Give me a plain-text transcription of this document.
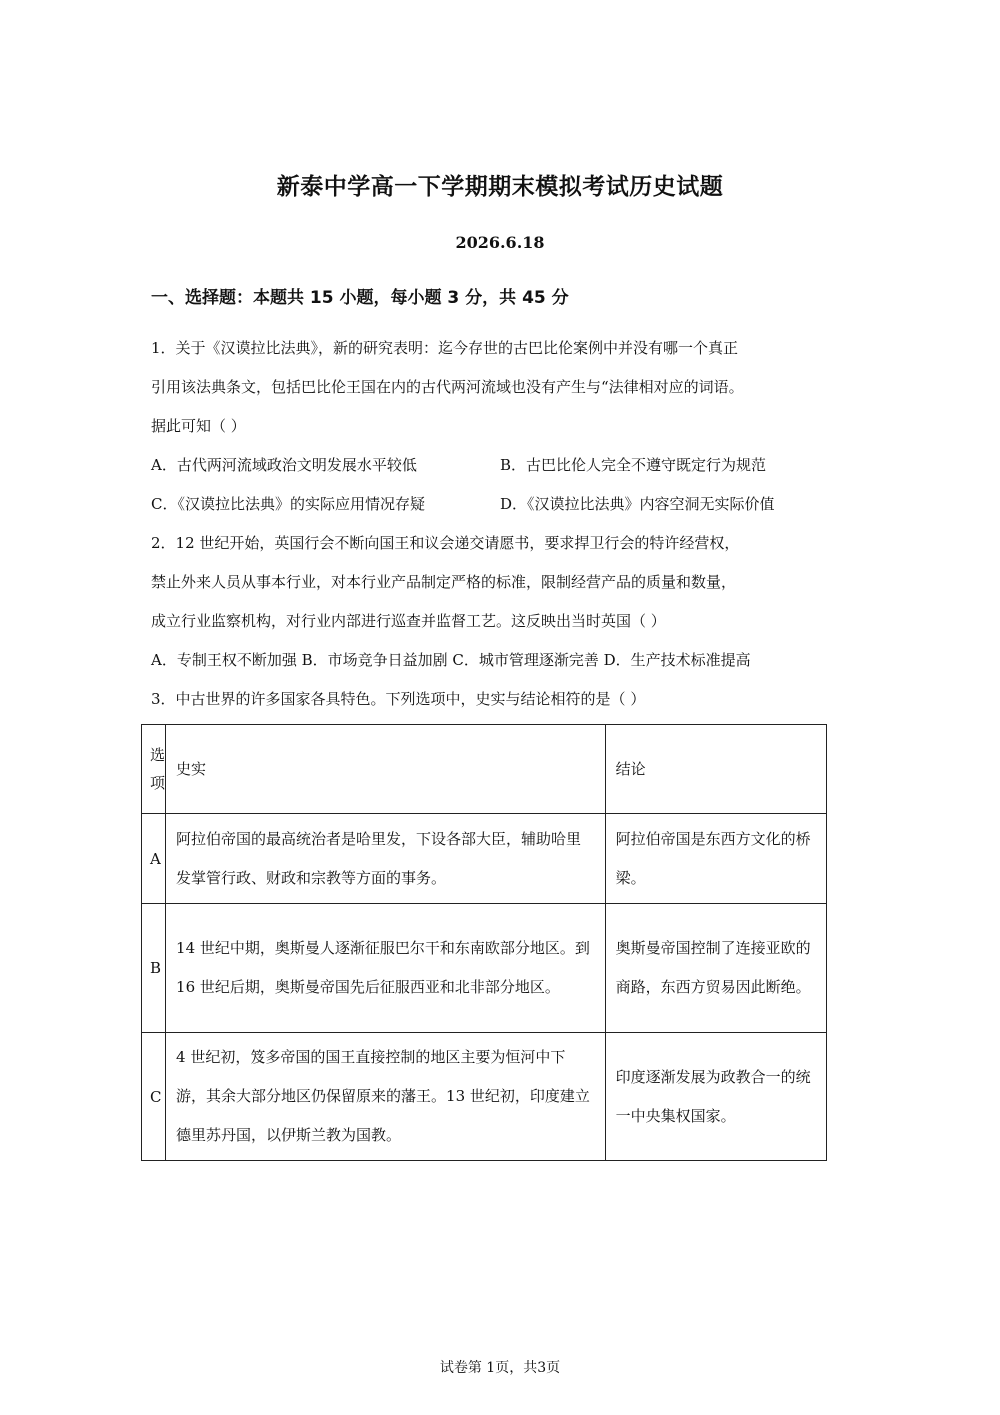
新泰中学高一下学期期末模拟考试历史试题
2026.6.18
一、选择题：本题共 15 小题，每小题 3 分，共 45 分
1．关于《汉谟拉比法典》，新的研究表明：迄今存世的古巴比伦案例中并没有哪一个真正
引用该法典条文，包括巴比伦王国在内的古代两河流域也没有产生与“法律相对应的词语。
据此可知（ ）
A．古代两河流域政治文明发展水平较低	B．古巴比伦人完全不遵守既定行为规范
C．《汉谟拉比法典》的实际应用情况存疑	D．《汉谟拉比法典》内容空洞无实际价值
2．12 世纪开始，英国行会不断向国王和议会递交请愿书，要求捍卫行会的特许经营权，
禁止外来人员从事本行业，对本行业产品制定严格的标准，限制经营产品的质量和数量，
成立行业监察机构，对行业内部进行巡查并监督工艺。这反映出当时英国（ ）
A．专制王权不断加强 B．市场竞争日益加剧 C．城市管理逐渐完善 D．生产技术标准提高
3．中古世界的许多国家各具特色。下列选项中，史实与结论相符的是（ ）
选项	史实	结论
A	阿拉伯帝国的最高统治者是哈里发，下设各部大臣，辅助哈里发掌管行政、财政和宗教等方面的事务。	阿拉伯帝国是东西方文化的桥梁。
B	14 世纪中期，奥斯曼人逐渐征服巴尔干和东南欧部分地区。到 16 世纪后期，奥斯曼帝国先后征服西亚和北非部分地区。	奥斯曼帝国控制了连接亚欧的商路，东西方贸易因此断绝。
C	4 世纪初，笈多帝国的国王直接控制的地区主要为恒河中下游，其余大部分地区仍保留原来的藩王。13 世纪初，印度建立德里苏丹国，以伊斯兰教为国教。	印度逐渐发展为政教合一的统一中央集权国家。
试卷第 1页，共3页
